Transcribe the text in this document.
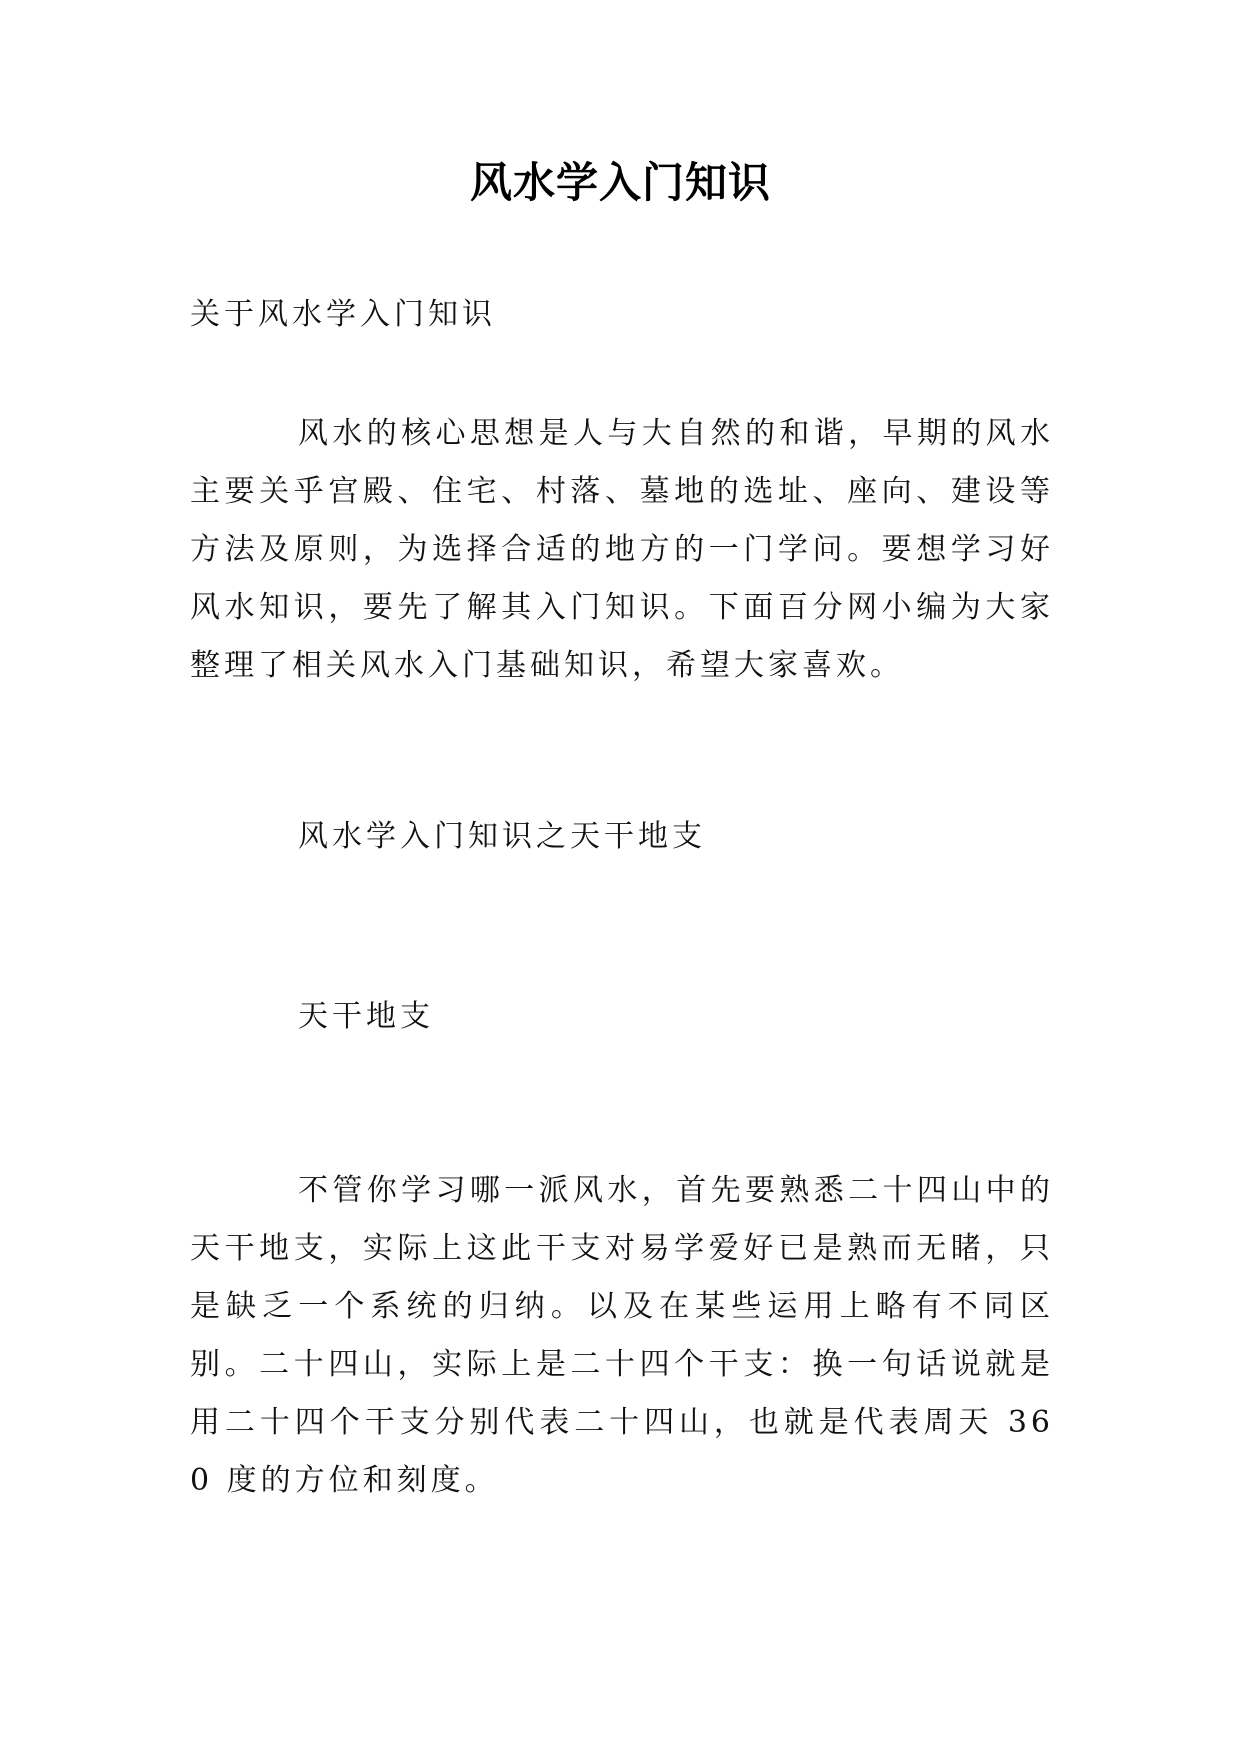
风水学入门知识
关于风水学入门知识
风水的核心思想是人与大自然的和谐，早期的风水主要关乎宫殿、住宅、村落、墓地的选址、座向、建设等方法及原则，为选择合适的地方的一门学问。要想学习好风水知识，要先了解其入门知识。下面百分网小编为大家整理了相关风水入门基础知识，希望大家喜欢。
风水学入门知识之天干地支
天干地支
不管你学习哪一派风水，首先要熟悉二十四山中的天干地支，实际上这此干支对易学爱好已是熟而无睹，只是缺乏一个系统的归纳。以及在某些运用上略有不同区别。二十四山，实际上是二十四个干支：换一句话说就是用二十四个干支分别代表二十四山，也就是代表周天 360 度的方位和刻度。
